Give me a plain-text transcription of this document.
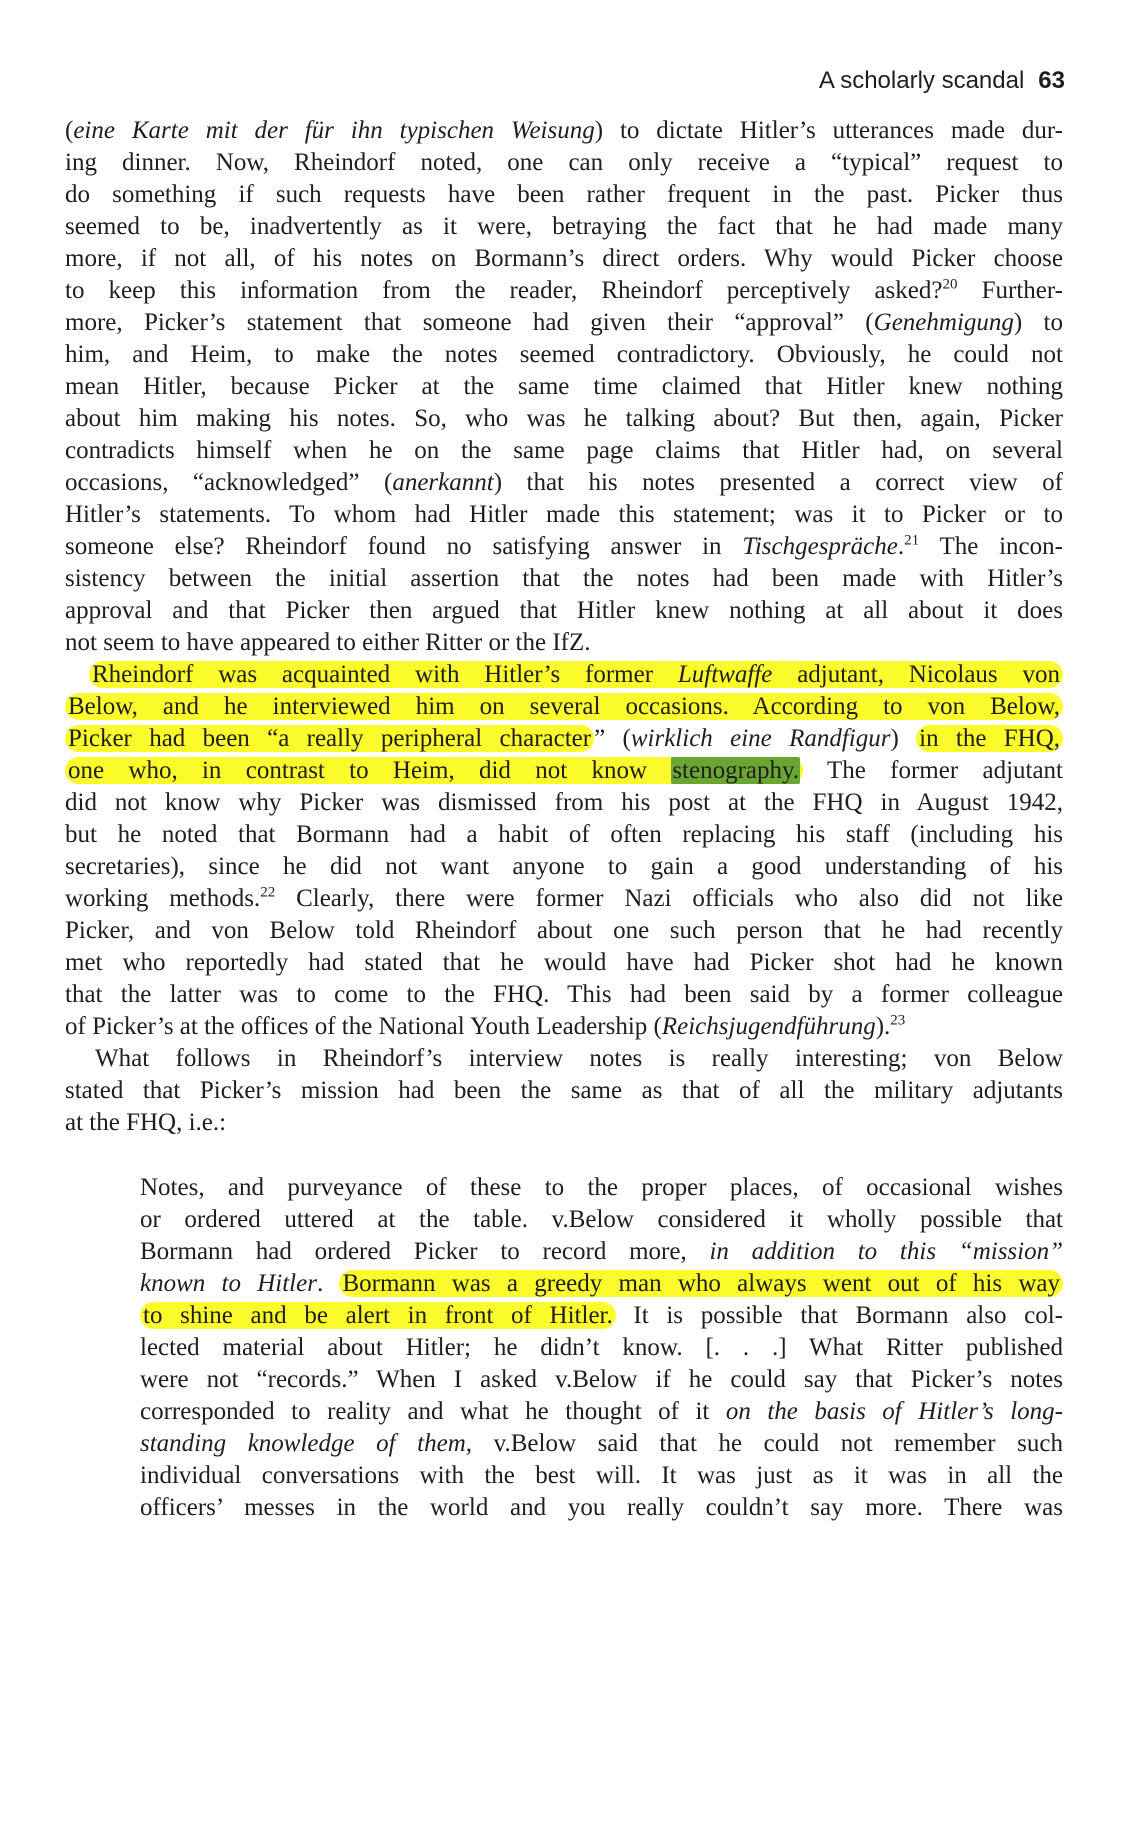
A scholarly scandal 63
(eine Karte mit der für ihn typischen Weisung) to dictate Hitler’s utterances made dur-
ing dinner. Now, Rheindorf noted, one can only receive a “typical” request to
do something if such requests have been rather frequent in the past. Picker thus
seemed to be, inadvertently as it were, betraying the fact that he had made many
more, if not all, of his notes on Bormann’s direct orders. Why would Picker choose
to keep this information from the reader, Rheindorf perceptively asked?$^{20}$ Further-
more, Picker’s statement that someone had given their “approval” (Genehmigung) to
him, and Heim, to make the notes seemed contradictory. Obviously, he could not
mean Hitler, because Picker at the same time claimed that Hitler knew nothing
about him making his notes. So, who was he talking about? But then, again, Picker
contradicts himself when he on the same page claims that Hitler had, on several
occasions, “acknowledged” (anerkannt) that his notes presented a correct view of
Hitler’s statements. To whom had Hitler made this statement; was it to Picker or to
someone else? Rheindorf found no satisfying answer in Tischgespräche.$^{21}$ The incon-
sistency between the initial assertion that the notes had been made with Hitler’s
approval and that Picker then argued that Hitler knew nothing at all about it does
not seem to have appeared to either Ritter or the IfZ.
Rheindorf was acquainted with Hitler’s former Luftwaffe adjutant, Nicolaus von
Below, and he interviewed him on several occasions. According to von Below,
Picker had been “a really peripheral character ” (wirklich eine Randfigur) in the FHQ,
one who, in contrast to Heim, did not know stenography. The former adjutant
did not know why Picker was dismissed from his post at the FHQ in August 1942,
but he noted that Bormann had a habit of often replacing his staff (including his
secretaries), since he did not want anyone to gain a good understanding of his
working methods.$^{22}$ Clearly, there were former Nazi officials who also did not like
Picker, and von Below told Rheindorf about one such person that he had recently
met who reportedly had stated that he would have had Picker shot had he known
that the latter was to come to the FHQ. This had been said by a former colleague
of Picker’s at the offices of the National Youth Leadership (Reichsjugendführung).$^{23}$
What follows in Rheindorf’s interview notes is really interesting; von Below
stated that Picker’s mission had been the same as that of all the military adjutants
at the FHQ, i.e.:
Notes, and purveyance of these to the proper places, of occasional wishes
or ordered uttered at the table. v.Below considered it wholly possible that
Bormann had ordered Picker to record more, in addition to this “mission”
known to Hitler. Bormann was a greedy man who always went out of his way
to shine and be alert in front of Hitler. It is possible that Bormann also col-
lected material about Hitler; he didn’t know. [. . .] What Ritter published
were not “records.” When I asked v.Below if he could say that Picker’s notes
corresponded to reality and what he thought of it on the basis of Hitler’s long-
standing knowledge of them, v.Below said that he could not remember such
individual conversations with the best will. It was just as it was in all the
officers’ messes in the world and you really couldn’t say more. There was
